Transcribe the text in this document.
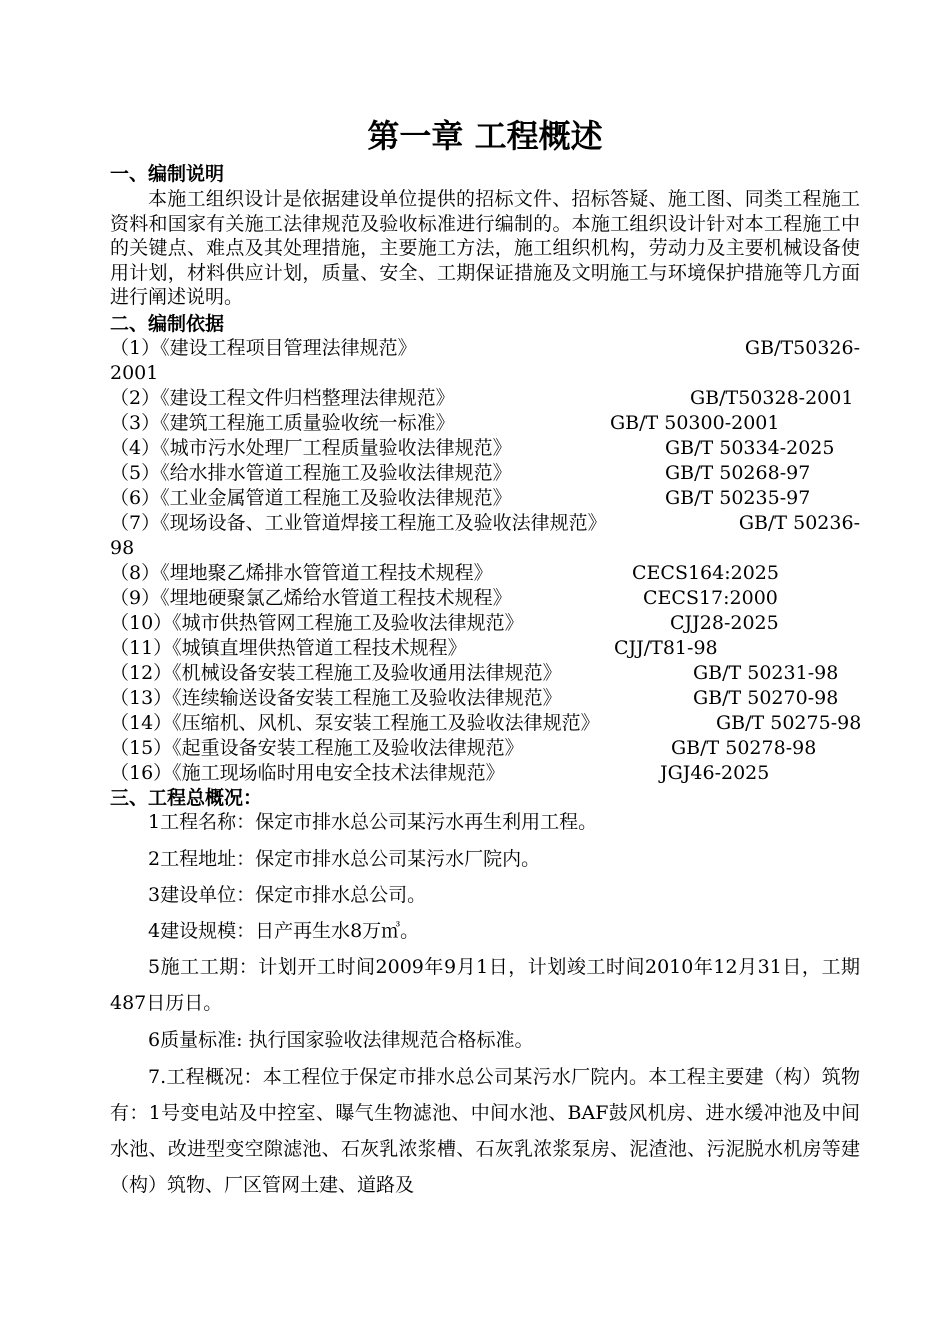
第一章 工程概述
一、编制说明
本施工组织设计是依据建设单位提供的招标文件、招标答疑、施工图、同类工程施工资料和国家有关施工法律规范及验收标准进行编制的。本施工组织设计针对本工程施工中的关键点、难点及其处理措施，主要施工方法，施工组织机构，劳动力及主要机械设备使用计划，材料供应计划，质量、安全、工期保证措施及文明施工与环境保护措施等几方面进行阐述说明。
二、编制依据
（1）《建设工程项目管理法律规范》	GB/T50326-
2001
（2）《建设工程文件归档整理法律规范》	GB/T50328-2001
（3）《建筑工程施工质量验收统一标准》	GB/T 50300-2001
（4）《城市污水处理厂工程质量验收法律规范》	GB/T 50334-2025
（5）《给水排水管道工程施工及验收法律规范》	GB/T 50268-97
（6）《工业金属管道工程施工及验收法律规范》	GB/T 50235-97
（7）《现场设备、工业管道焊接工程施工及验收法律规范》	GB/T 50236-
98
（8）《埋地聚乙烯排水管管道工程技术规程》	CECS164:2025
（9）《埋地硬聚氯乙烯给水管道工程技术规程》	CECS17:2000
（10）《城市供热管网工程施工及验收法律规范》	CJJ28-2025
（11）《城镇直埋供热管道工程技术规程》	CJJ/T81-98
（12）《机械设备安装工程施工及验收通用法律规范》	GB/T 50231-98
（13）《连续输送设备安装工程施工及验收法律规范》	GB/T 50270-98
（14）《压缩机、风机、泵安装工程施工及验收法律规范》	GB/T 50275-98
（15）《起重设备安装工程施工及验收法律规范》	GB/T 50278-98
（16）《施工现场临时用电安全技术法律规范》	JGJ46-2025
三、工程总概况：
1工程名称：保定市排水总公司某污水再生利用工程。
2工程地址：保定市排水总公司某污水厂院内。
3建设单位：保定市排水总公司。
4建设规模：日产再生水8万㎥。
5施工工期：计划开工时间2009年9月1日，计划竣工时间2010年12月31日，工期487日历日。
6质量标准: 执行国家验收法律规范合格标准。
7.工程概况：本工程位于保定市排水总公司某污水厂院内。本工程主要建（构）筑物有：1号变电站及中控室、曝气生物滤池、中间水池、BAF鼓风机房、进水缓冲池及中间水池、改进型变空隙滤池、石灰乳浓浆槽、石灰乳浓浆泵房、泥渣池、污泥脱水机房等建（构）筑物、厂区管网土建、道路及
